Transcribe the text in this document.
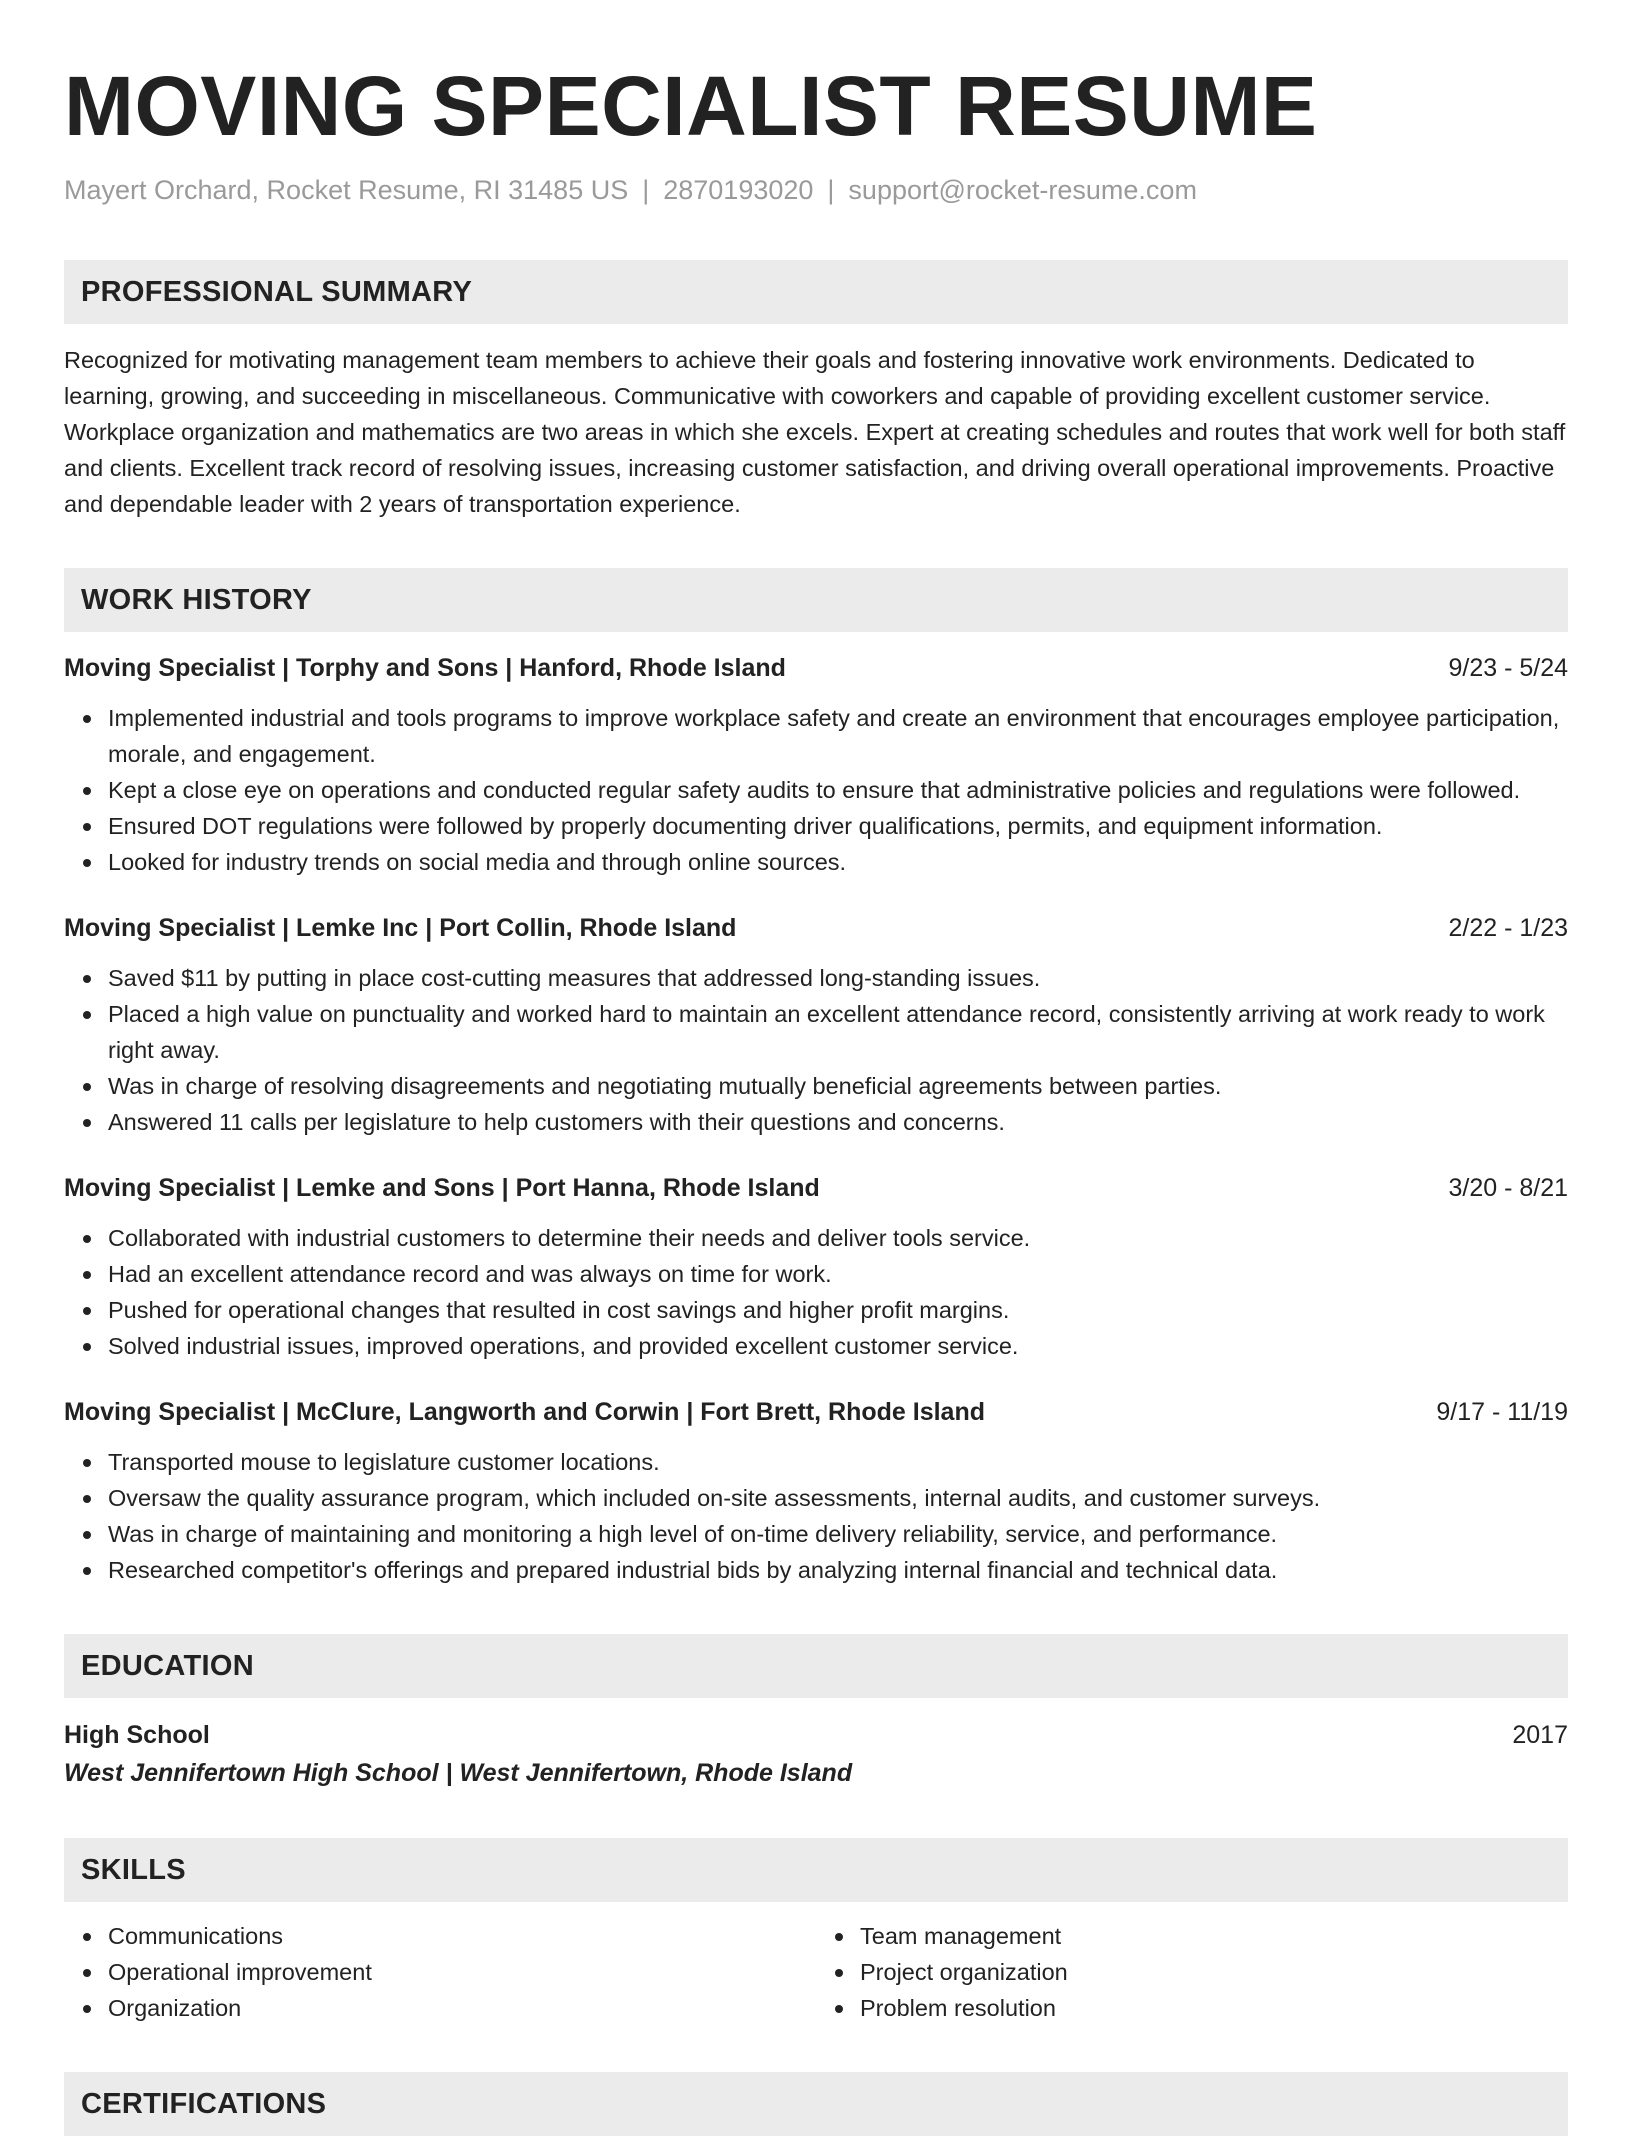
MOVING SPECIALIST RESUME
Mayert Orchard, Rocket Resume, RI 31485 US | 2870193020 | support@rocket-resume.com
PROFESSIONAL SUMMARY
Recognized for motivating management team members to achieve their goals and fostering innovative work environments. Dedicated to learning, growing, and succeeding in miscellaneous. Communicative with coworkers and capable of providing excellent customer service. Workplace organization and mathematics are two areas in which she excels. Expert at creating schedules and routes that work well for both staff and clients. Excellent track record of resolving issues, increasing customer satisfaction, and driving overall operational improvements. Proactive and dependable leader with 2 years of transportation experience.
WORK HISTORY
Moving Specialist | Torphy and Sons | Hanford, Rhode Island	9/23 - 5/24
Implemented industrial and tools programs to improve workplace safety and create an environment that encourages employee participation, morale, and engagement.
Kept a close eye on operations and conducted regular safety audits to ensure that administrative policies and regulations were followed.
Ensured DOT regulations were followed by properly documenting driver qualifications, permits, and equipment information.
Looked for industry trends on social media and through online sources.
Moving Specialist | Lemke Inc | Port Collin, Rhode Island	2/22 - 1/23
Saved $11 by putting in place cost-cutting measures that addressed long-standing issues.
Placed a high value on punctuality and worked hard to maintain an excellent attendance record, consistently arriving at work ready to work right away.
Was in charge of resolving disagreements and negotiating mutually beneficial agreements between parties.
Answered 11 calls per legislature to help customers with their questions and concerns.
Moving Specialist | Lemke and Sons | Port Hanna, Rhode Island	3/20 - 8/21
Collaborated with industrial customers to determine their needs and deliver tools service.
Had an excellent attendance record and was always on time for work.
Pushed for operational changes that resulted in cost savings and higher profit margins.
Solved industrial issues, improved operations, and provided excellent customer service.
Moving Specialist | McClure, Langworth and Corwin | Fort Brett, Rhode Island	9/17 - 11/19
Transported mouse to legislature customer locations.
Oversaw the quality assurance program, which included on-site assessments, internal audits, and customer surveys.
Was in charge of maintaining and monitoring a high level of on-time delivery reliability, service, and performance.
Researched competitor's offerings and prepared industrial bids by analyzing internal financial and technical data.
EDUCATION
High School	2017
West Jennifertown High School | West Jennifertown, Rhode Island
SKILLS
Communications
Operational improvement
Organization
Team management
Project organization
Problem resolution
CERTIFICATIONS
